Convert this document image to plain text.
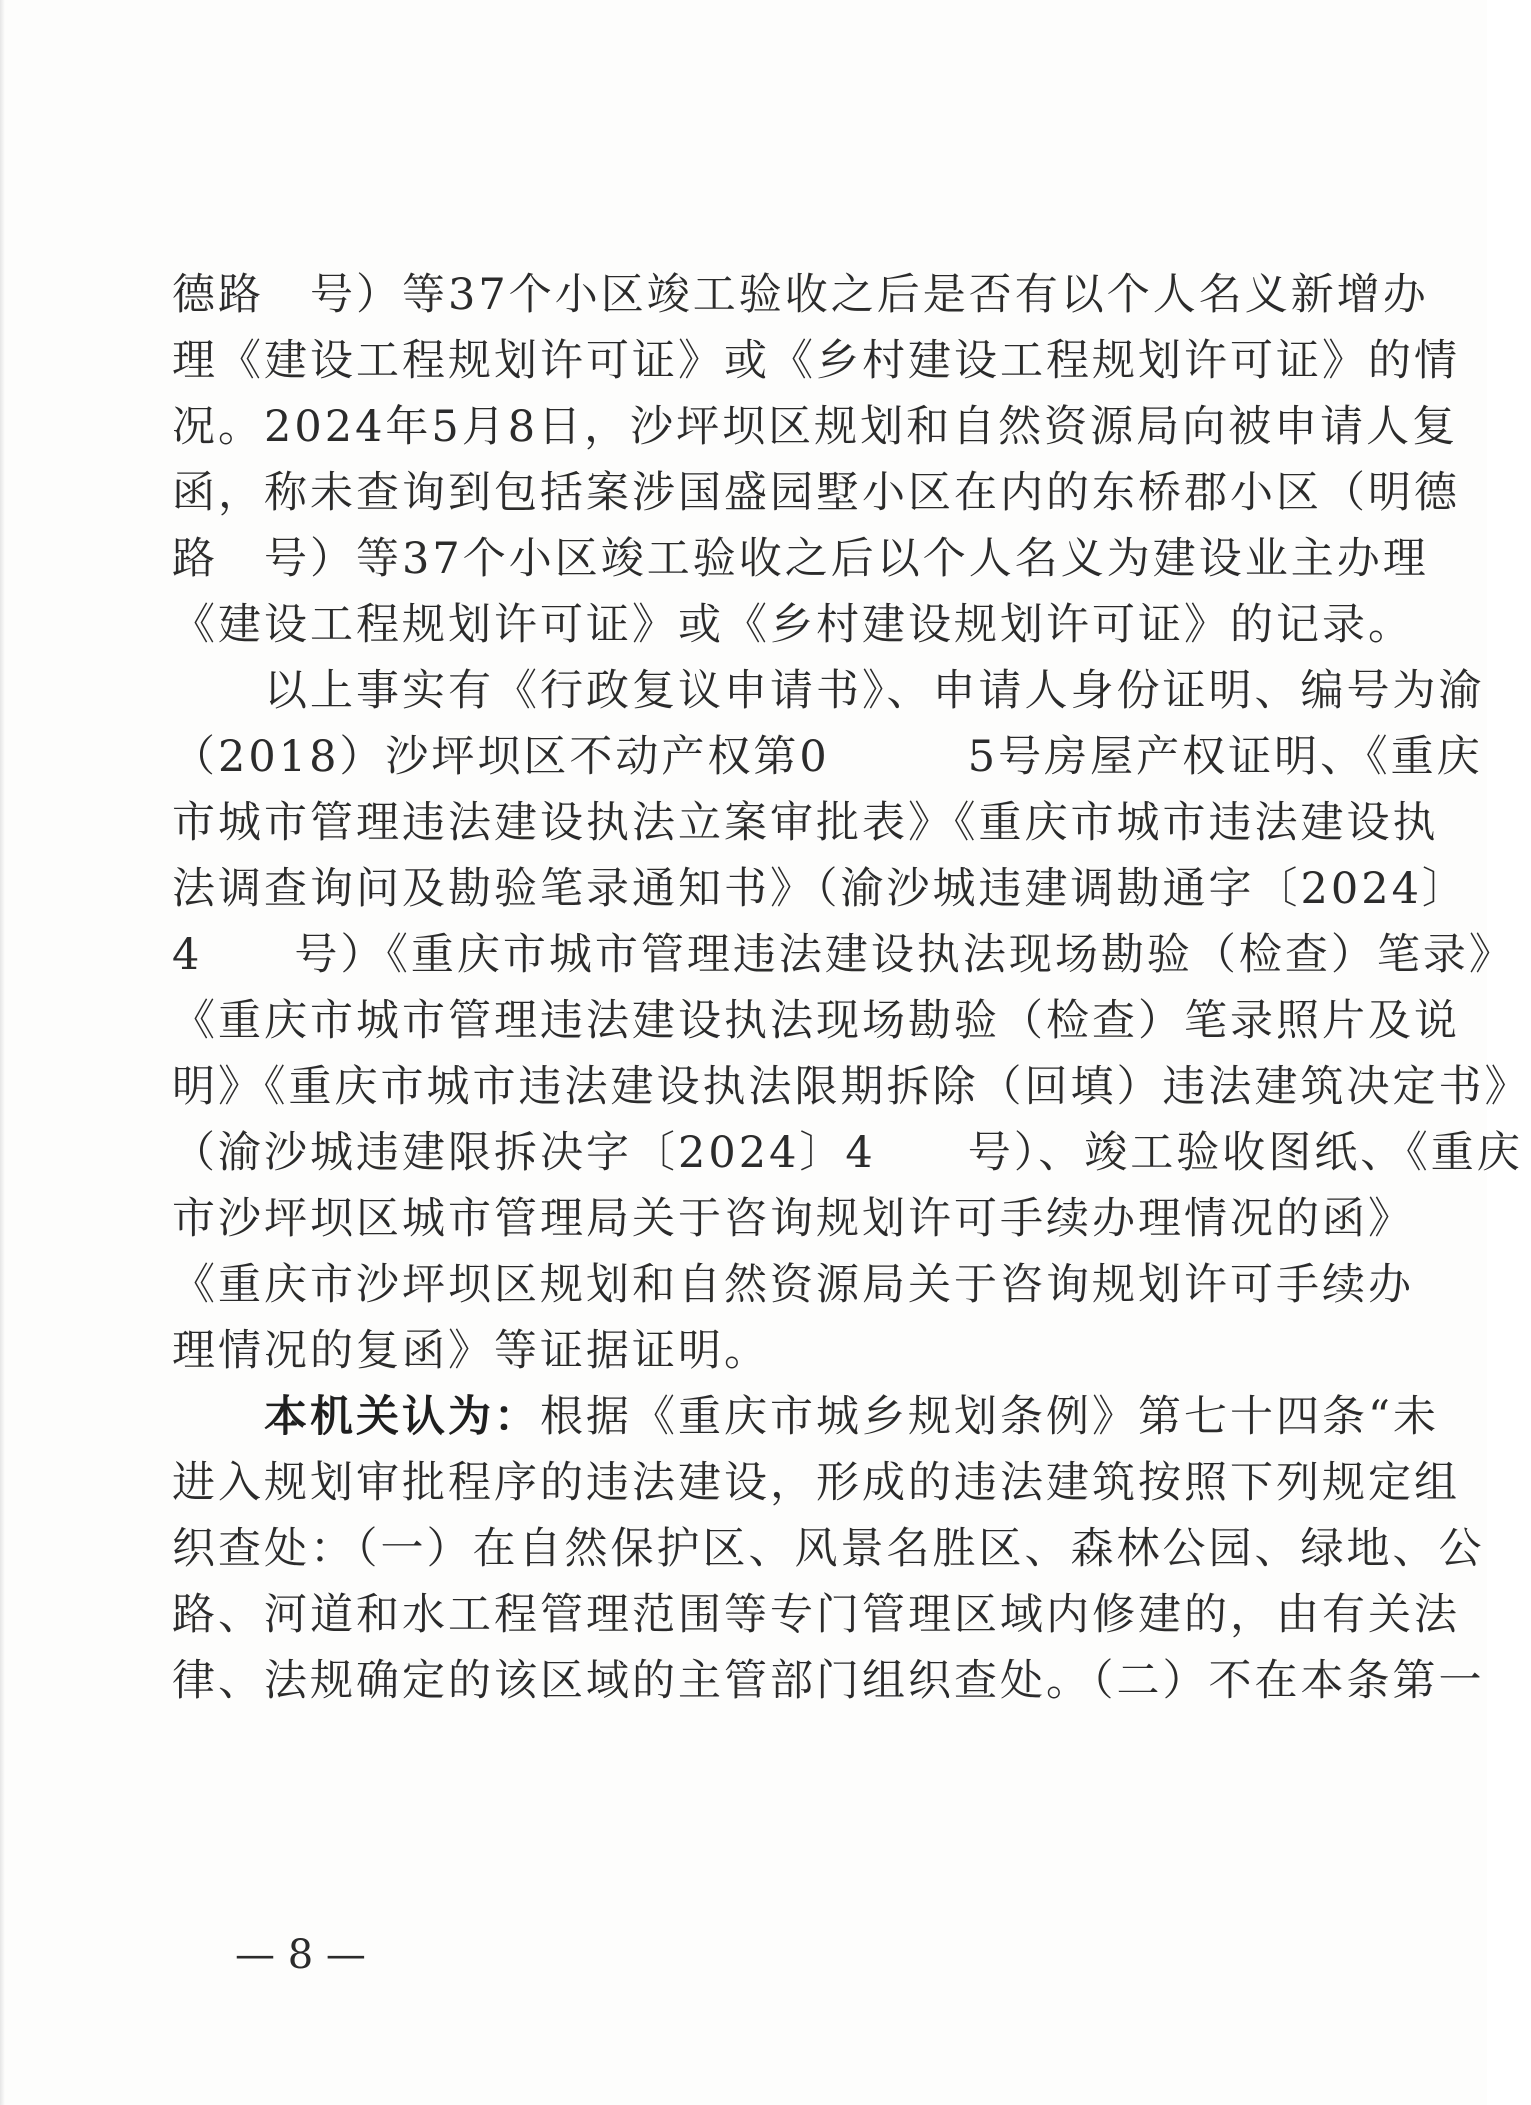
德路　号）等37个小区竣工验收之后是否有以个人名义新增办
理《建设工程规划许可证》或《乡村建设工程规划许可证》的情
况。2024年5月8日，沙坪坝区规划和自然资源局向被申请人复
函，称未查询到包括案涉国盛园墅小区在内的东桥郡小区（明德
路　号）等37个小区竣工验收之后以个人名义为建设业主办理
《建设工程规划许可证》或《乡村建设规划许可证》的记录。
以上事实有《行政复议申请书》、申请人身份证明、编号为渝
（2018）沙坪坝区不动产权第0　　　5号房屋产权证明、《重庆
市城市管理违法建设执法立案审批表》《重庆市城市违法建设执
法调查询问及勘验笔录通知书》（渝沙城违建调勘通字〔2024〕
4　　号）《重庆市城市管理违法建设执法现场勘验（检查）笔录》
《重庆市城市管理违法建设执法现场勘验（检查）笔录照片及说
明》《重庆市城市违法建设执法限期拆除（回填）违法建筑决定书》
（渝沙城违建限拆决字〔2024〕4　　号）、竣工验收图纸、《重庆
市沙坪坝区城市管理局关于咨询规划许可手续办理情况的函》
《重庆市沙坪坝区规划和自然资源局关于咨询规划许可手续办
理情况的复函》等证据证明。
本机关认为：根据《重庆市城乡规划条例》第七十四条“未
进入规划审批程序的违法建设，形成的违法建筑按照下列规定组
织查处：（一）在自然保护区、风景名胜区、森林公园、绿地、公
路、河道和水工程管理范围等专门管理区域内修建的，由有关法
律、法规确定的该区域的主管部门组织查处。（二）不在本条第一
— 8 —
